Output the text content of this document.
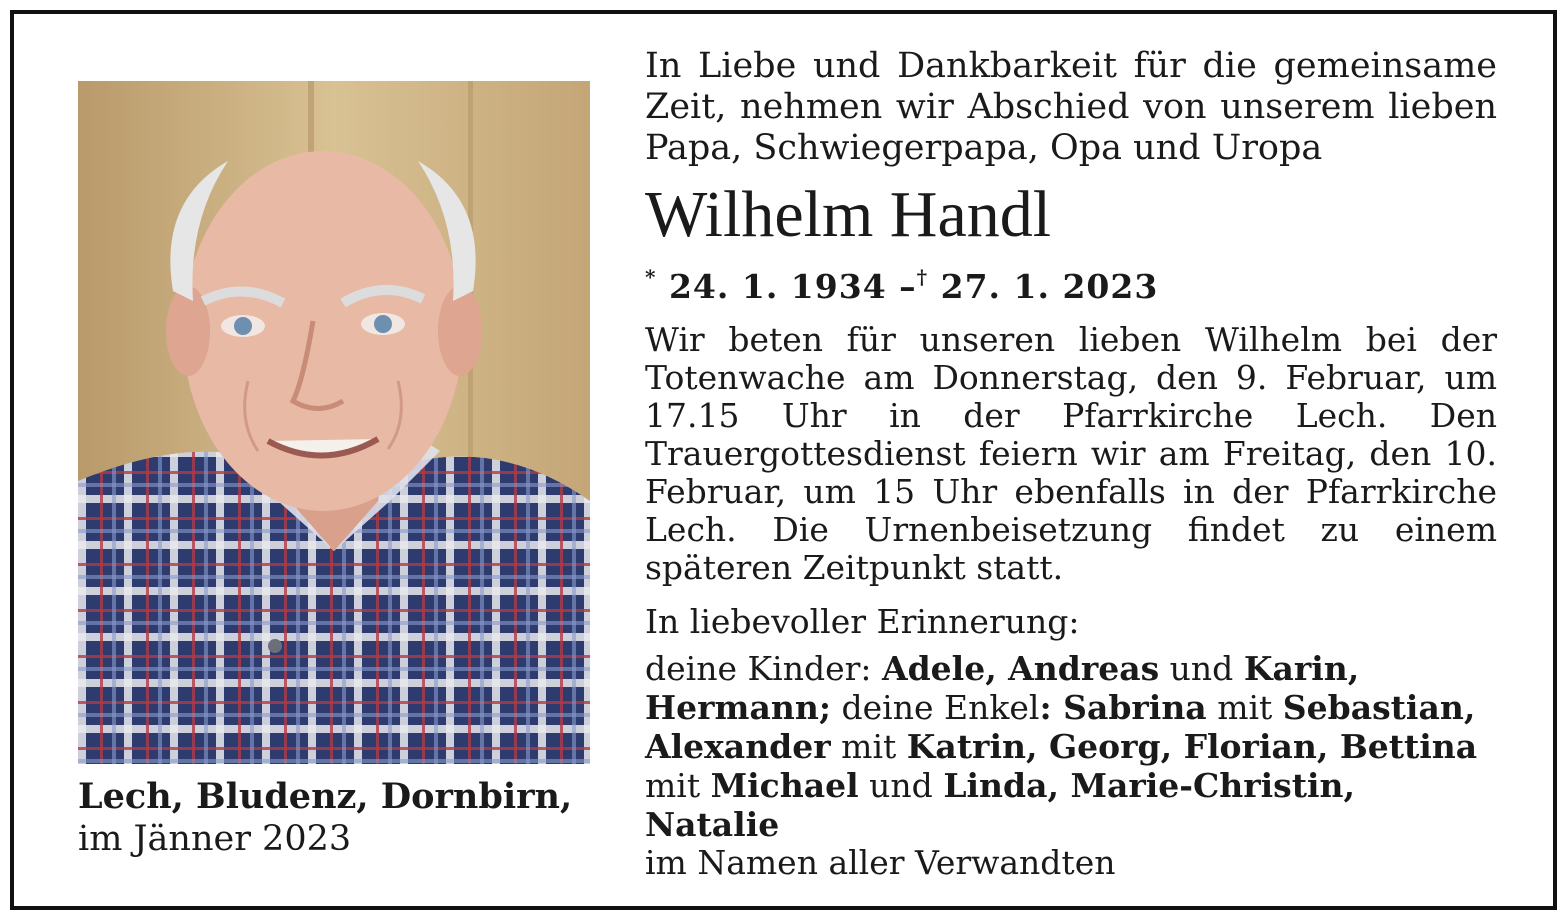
Lech, Bludenz, Dornbirn,
im Jänner 2023

In Liebe und Dankbarkeit für die gemeinsame Zeit, nehmen wir Abschied von unserem lieben Papa, Schwiegerpapa, Opa und Uropa

Wilhelm Handl

* 24. 1. 1934 –† 27. 1. 2023

Wir beten für unseren lieben Wilhelm bei der Totenwache am Donnerstag, den 9. Februar, um 17.15 Uhr in der Pfarrkirche Lech. Den Trauergottesdienst feiern wir am Freitag, den 10. Februar, um 15 Uhr ebenfalls in der Pfarrkirche Lech. Die Urnenbeisetzung findet zu einem späteren Zeitpunkt statt.

In liebevoller Erinnerung:

deine Kinder: Adele, Andreas und Karin, Hermann; deine Enkel: Sabrina mit Sebastian, Alexander mit Katrin, Georg, Florian, Bettina mit Michael und Linda, Marie-Christin, Natalie

im Namen aller Verwandten
